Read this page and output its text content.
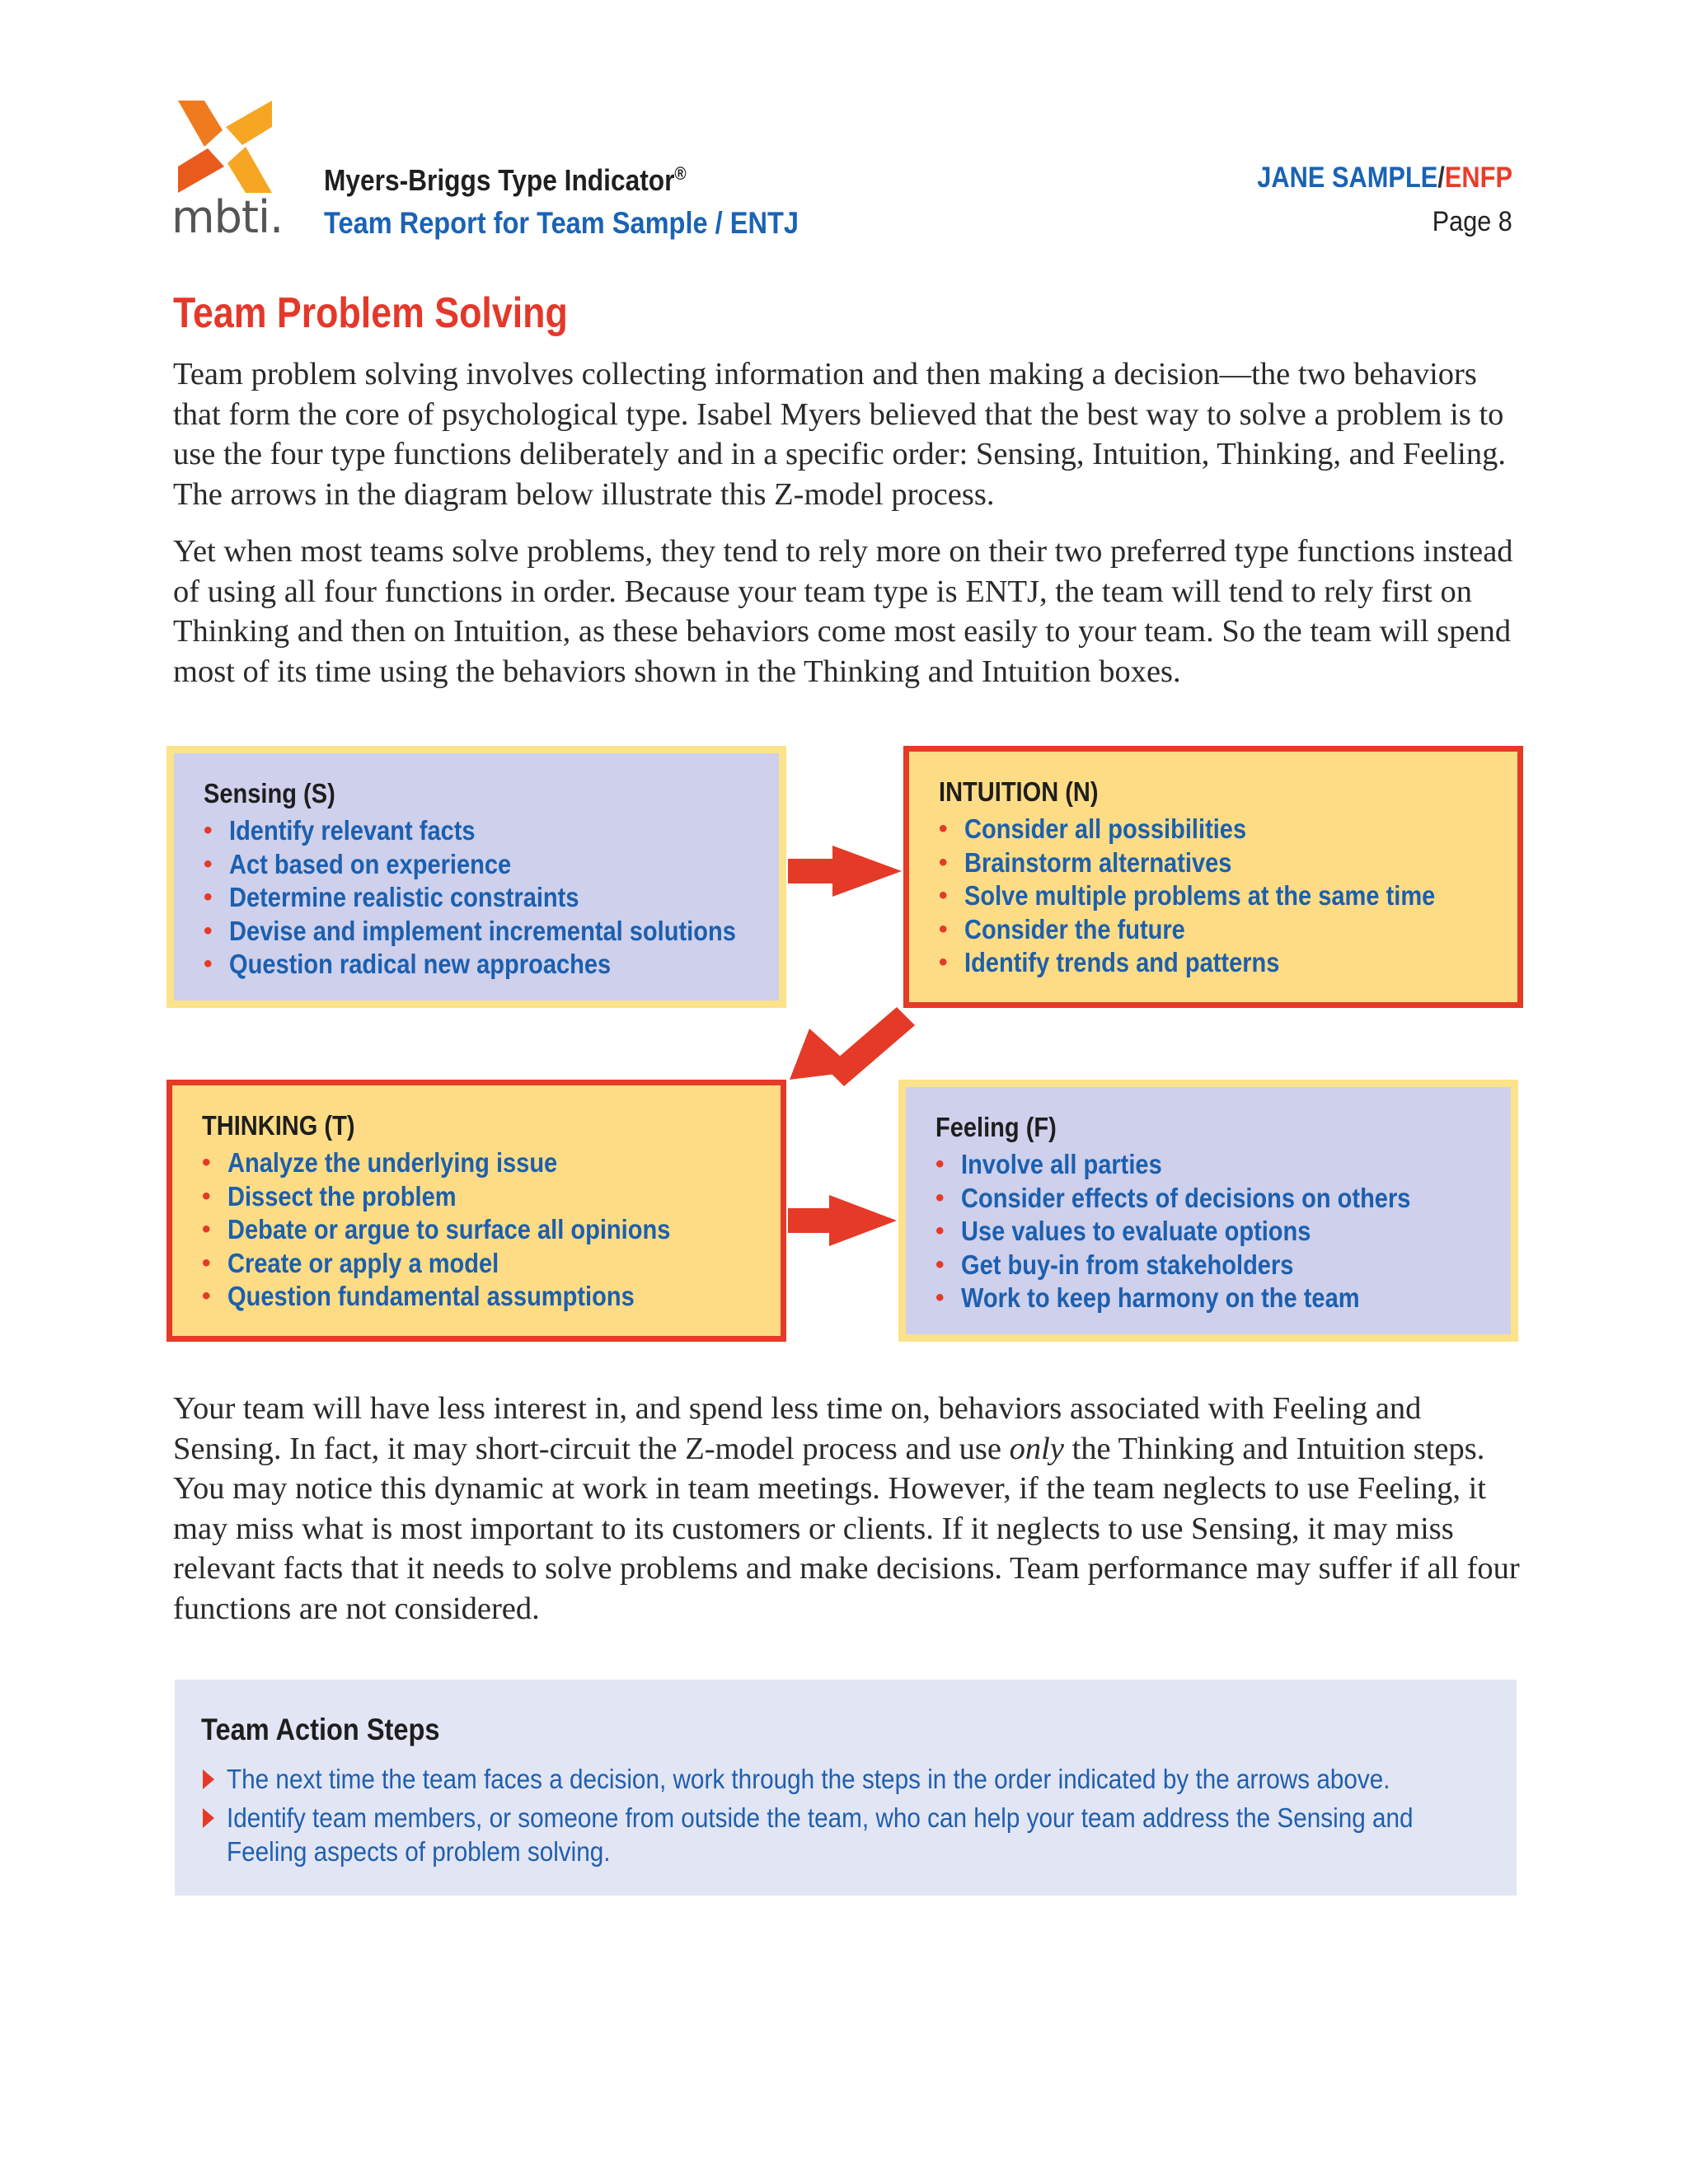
mbti.
Myers-Briggs Type Indicator®
Team Report for Team Sample / ENTJ
JANE SAMPLE/ENFP
Page 8
Team Problem Solving

Team problem solving involves collecting information and then making a decision—the two behaviors that form the core of psychological type. Isabel Myers believed that the best way to solve a problem is to use the four type functions deliberately and in a specific order: Sensing, Intuition, Thinking, and Feeling. The arrows in the diagram below illustrate this Z-model process.

Yet when most teams solve problems, they tend to rely more on their two preferred type functions instead of using all four functions in order. Because your team type is ENTJ, the team will tend to rely first on Thinking and then on Intuition, as these behaviors come most easily to your team. So the team will spend most of its time using the behaviors shown in the Thinking and Intuition boxes.

Sensing (S)
• Identify relevant facts
• Act based on experience
• Determine realistic constraints
• Devise and implement incremental solutions
• Question radical new approaches
INTUITION (N)
• Consider all possibilities
• Brainstorm alternatives
• Solve multiple problems at the same time
• Consider the future
• Identify trends and patterns
THINKING (T)
• Analyze the underlying issue
• Dissect the problem
• Debate or argue to surface all opinions
• Create or apply a model
• Question fundamental assumptions
Feeling (F)
• Involve all parties
• Consider effects of decisions on others
• Use values to evaluate options
• Get buy-in from stakeholders
• Work to keep harmony on the team

Your team will have less interest in, and spend less time on, behaviors associated with Feeling and Sensing. In fact, it may short-circuit the Z-model process and use only the Thinking and Intuition steps. You may notice this dynamic at work in team meetings. However, if the team neglects to use Feeling, it may miss what is most important to its customers or clients. If it neglects to use Sensing, it may miss relevant facts that it needs to solve problems and make decisions. Team performance may suffer if all four functions are not considered.

Team Action Steps
The next time the team faces a decision, work through the steps in the order indicated by the arrows above.
Identify team members, or someone from outside the team, who can help your team address the Sensing and Feeling aspects of problem solving.
